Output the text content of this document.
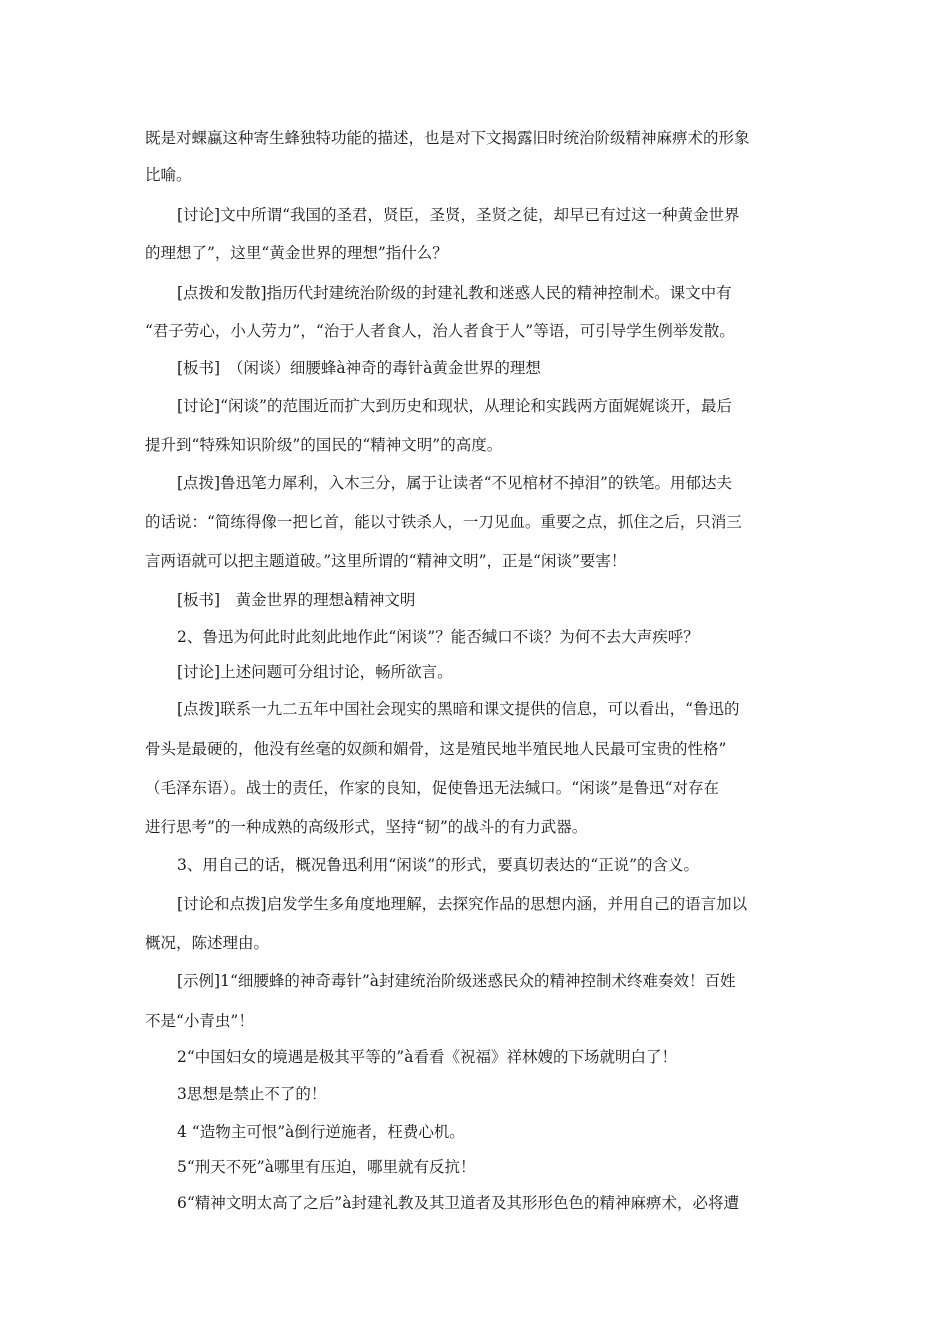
既是对蜾蠃这种寄生蜂独特功能的描述，也是对下文揭露旧时统治阶级精神麻痹术的形象

比喻。

[讨论]文中所谓“我国的圣君，贤臣，圣贤，圣贤之徒，却早已有过这一种黄金世界

的理想了”，这里“黄金世界的理想”指什么？

[点拨和发散]指历代封建统治阶级的封建礼教和迷惑人民的精神控制术。课文中有

“君子劳心，小人劳力”，“治于人者食人，治人者食于人”等语，可引导学生例举发散。

[板书]　（闲谈）细腰蜂à神奇的毒针à黄金世界的理想

[讨论]“闲谈”的范围近而扩大到历史和现状，从理论和实践两方面娓娓谈开，最后

提升到“特殊知识阶级”的国民的“精神文明”的高度。

[点拨]鲁迅笔力犀利，入木三分，属于让读者“不见棺材不掉泪”的铁笔。用郁达夫

的话说：“简练得像一把匕首，能以寸铁杀人，一刀见血。重要之点，抓住之后，只消三

言两语就可以把主题道破。”这里所谓的“精神文明”，正是“闲谈”要害！

[板书]　黄金世界的理想à精神文明

2、鲁迅为何此时此刻此地作此“闲谈”？能否缄口不谈？为何不去大声疾呼？

[讨论]上述问题可分组讨论，畅所欲言。

[点拨]联系一九二五年中国社会现实的黑暗和课文提供的信息，可以看出，“鲁迅的

骨头是最硬的，他没有丝毫的奴颜和媚骨，这是殖民地半殖民地人民最可宝贵的性格”

（毛泽东语）。战士的责任，作家的良知，促使鲁迅无法缄口。“闲谈”是鲁迅“对存在

进行思考”的一种成熟的高级形式，坚持“韧”的战斗的有力武器。

3、用自己的话，概况鲁迅利用“闲谈”的形式，要真切表达的“正说”的含义。

[讨论和点拨]启发学生多角度地理解，去探究作品的思想内涵，并用自己的语言加以

概况，陈述理由。

[示例]1“细腰蜂的神奇毒针”à封建统治阶级迷惑民众的精神控制术终难奏效！百姓

不是“小青虫”！

2“中国妇女的境遇是极其平等的”à看看《祝福》祥林嫂的下场就明白了！

3思想是禁止不了的！

4 “造物主可恨”à倒行逆施者，枉费心机。

5“刑天不死”à哪里有压迫，哪里就有反抗！

6“精神文明太高了之后”à封建礼教及其卫道者及其形形色色的精神麻痹术，必将遭
